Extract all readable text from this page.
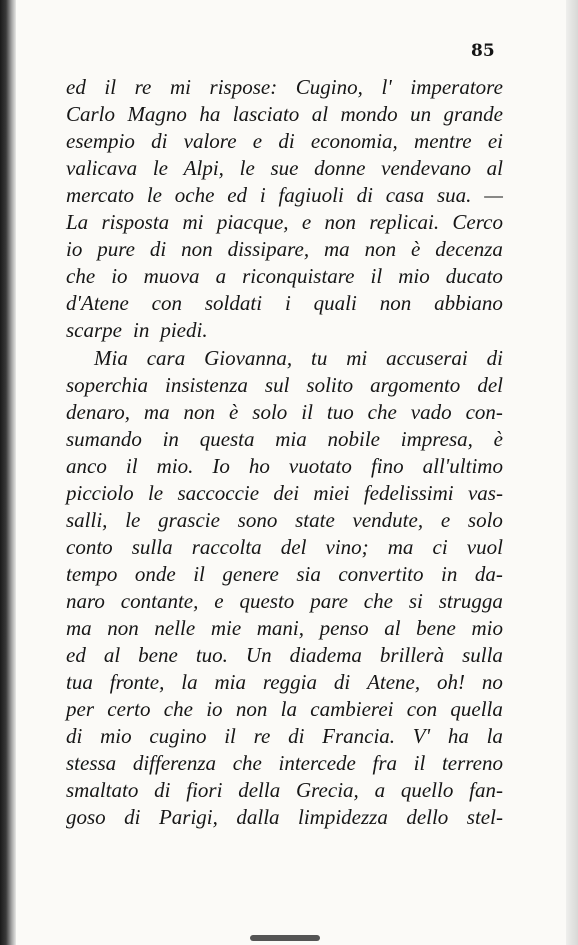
85
ed il re mi rispose: Cugino, l' imperatore
Carlo Magno ha lasciato al mondo un grande
esempio di valore e di economia, mentre ei
valicava le Alpi, le sue donne vendevano al
mercato le oche ed i fagiuoli di casa sua. —
La risposta mi piacque, e non replicai. Cerco
io pure di non dissipare, ma non è decenza
che io muova a riconquistare il mio ducato
d'Atene con soldati i quali non abbiano
scarpe in piedi.
Mia cara Giovanna, tu mi accuserai di
soperchia insistenza sul solito argomento del
denaro, ma non è solo il tuo che vado con-
sumando in questa mia nobile impresa, è
anco il mio. Io ho vuotato fino all'ultimo
picciolo le saccoccie dei miei fedelissimi vas-
salli, le grascie sono state vendute, e solo
conto sulla raccolta del vino; ma ci vuol
tempo onde il genere sia convertito in da-
naro contante, e questo pare che si strugga
ma non nelle mie mani, penso al bene mio
ed al bene tuo. Un diadema brillerà sulla
tua fronte, la mia reggia di Atene, oh! no
per certo che io non la cambierei con quella
di mio cugino il re di Francia. V' ha la
stessa differenza che intercede fra il terreno
smaltato di fiori della Grecia, a quello fan-
goso di Parigi, dalla limpidezza dello stel-
